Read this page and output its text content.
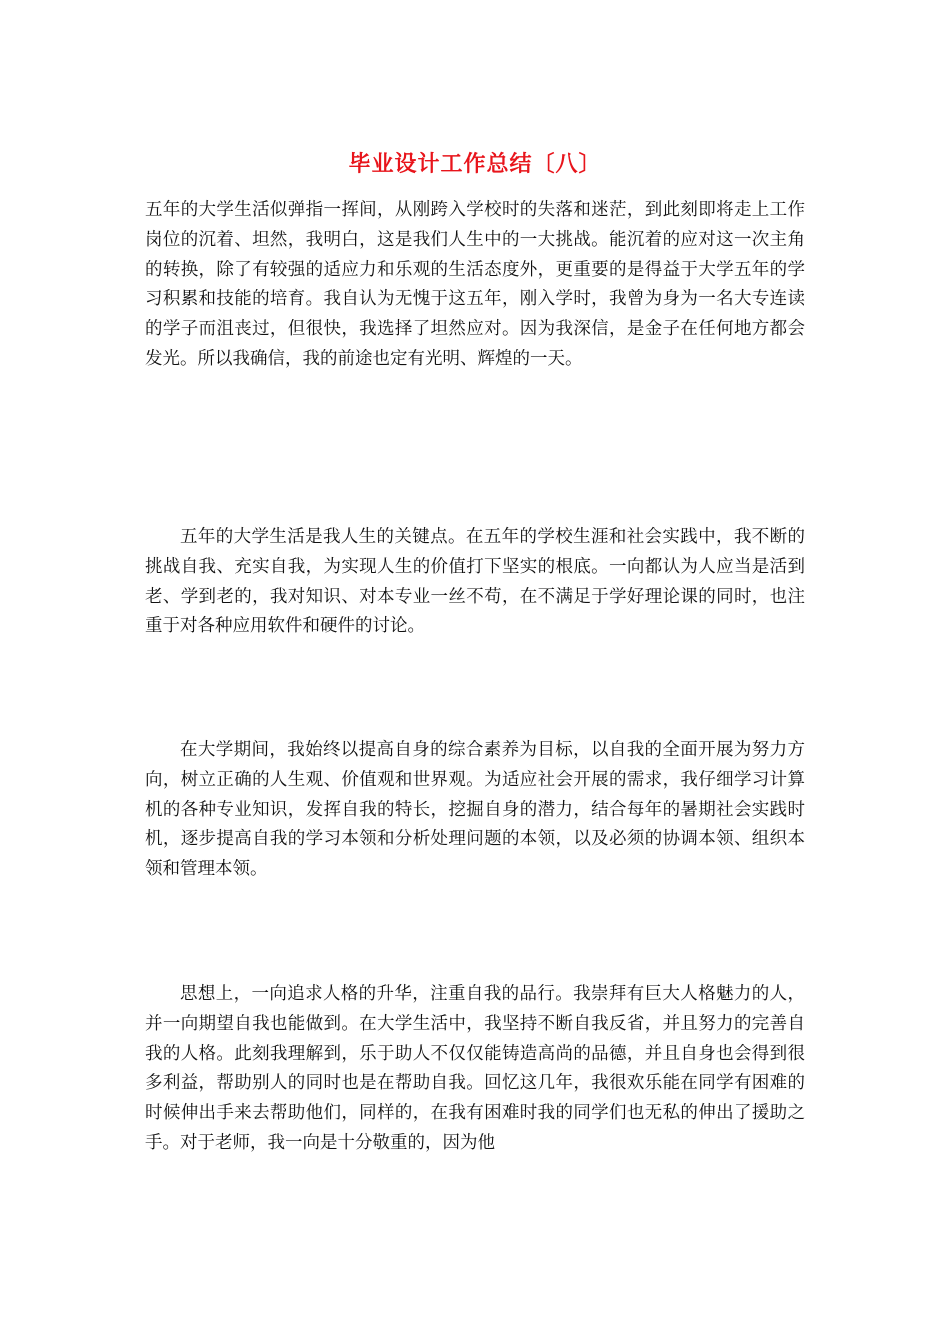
毕业设计工作总结〔八〕

五年的大学生活似弹指一挥间，从刚跨入学校时的失落和迷茫，到此刻即将走上工作岗位的沉着、坦然，我明白，这是我们人生中的一大挑战。能沉着的应对这一次主角的转换，除了有较强的适应力和乐观的生活态度外，更重要的是得益于大学五年的学习积累和技能的培育。我自认为无愧于这五年，刚入学时，我曾为身为一名大专连读的学子而沮丧过，但很快，我选择了坦然应对。因为我深信，是金子在任何地方都会发光。所以我确信，我的前途也定有光明、辉煌的一天。

五年的大学生活是我人生的关键点。在五年的学校生涯和社会实践中，我不断的挑战自我、充实自我，为实现人生的价值打下坚实的根底。一向都认为人应当是活到老、学到老的，我对知识、对本专业一丝不苟，在不满足于学好理论课的同时，也注重于对各种应用软件和硬件的讨论。

在大学期间，我始终以提高自身的综合素养为目标，以自我的全面开展为努力方向，树立正确的人生观、价值观和世界观。为适应社会开展的需求，我仔细学习计算机的各种专业知识，发挥自我的特长，挖掘自身的潜力，结合每年的暑期社会实践时机，逐步提高自我的学习本领和分析处理问题的本领，以及必须的协调本领、组织本领和管理本领。

思想上，一向追求人格的升华，注重自我的品行。我崇拜有巨大人格魅力的人，并一向期望自我也能做到。在大学生活中，我坚持不断自我反省，并且努力的完善自我的人格。此刻我理解到，乐于助人不仅仅能铸造高尚的品德，并且自身也会得到很多利益，帮助别人的同时也是在帮助自我。回忆这几年，我很欢乐能在同学有困难的时候伸出手来去帮助他们，同样的，在我有困难时我的同学们也无私的伸出了援助之手。对于老师，我一向是十分敬重的，因为他
